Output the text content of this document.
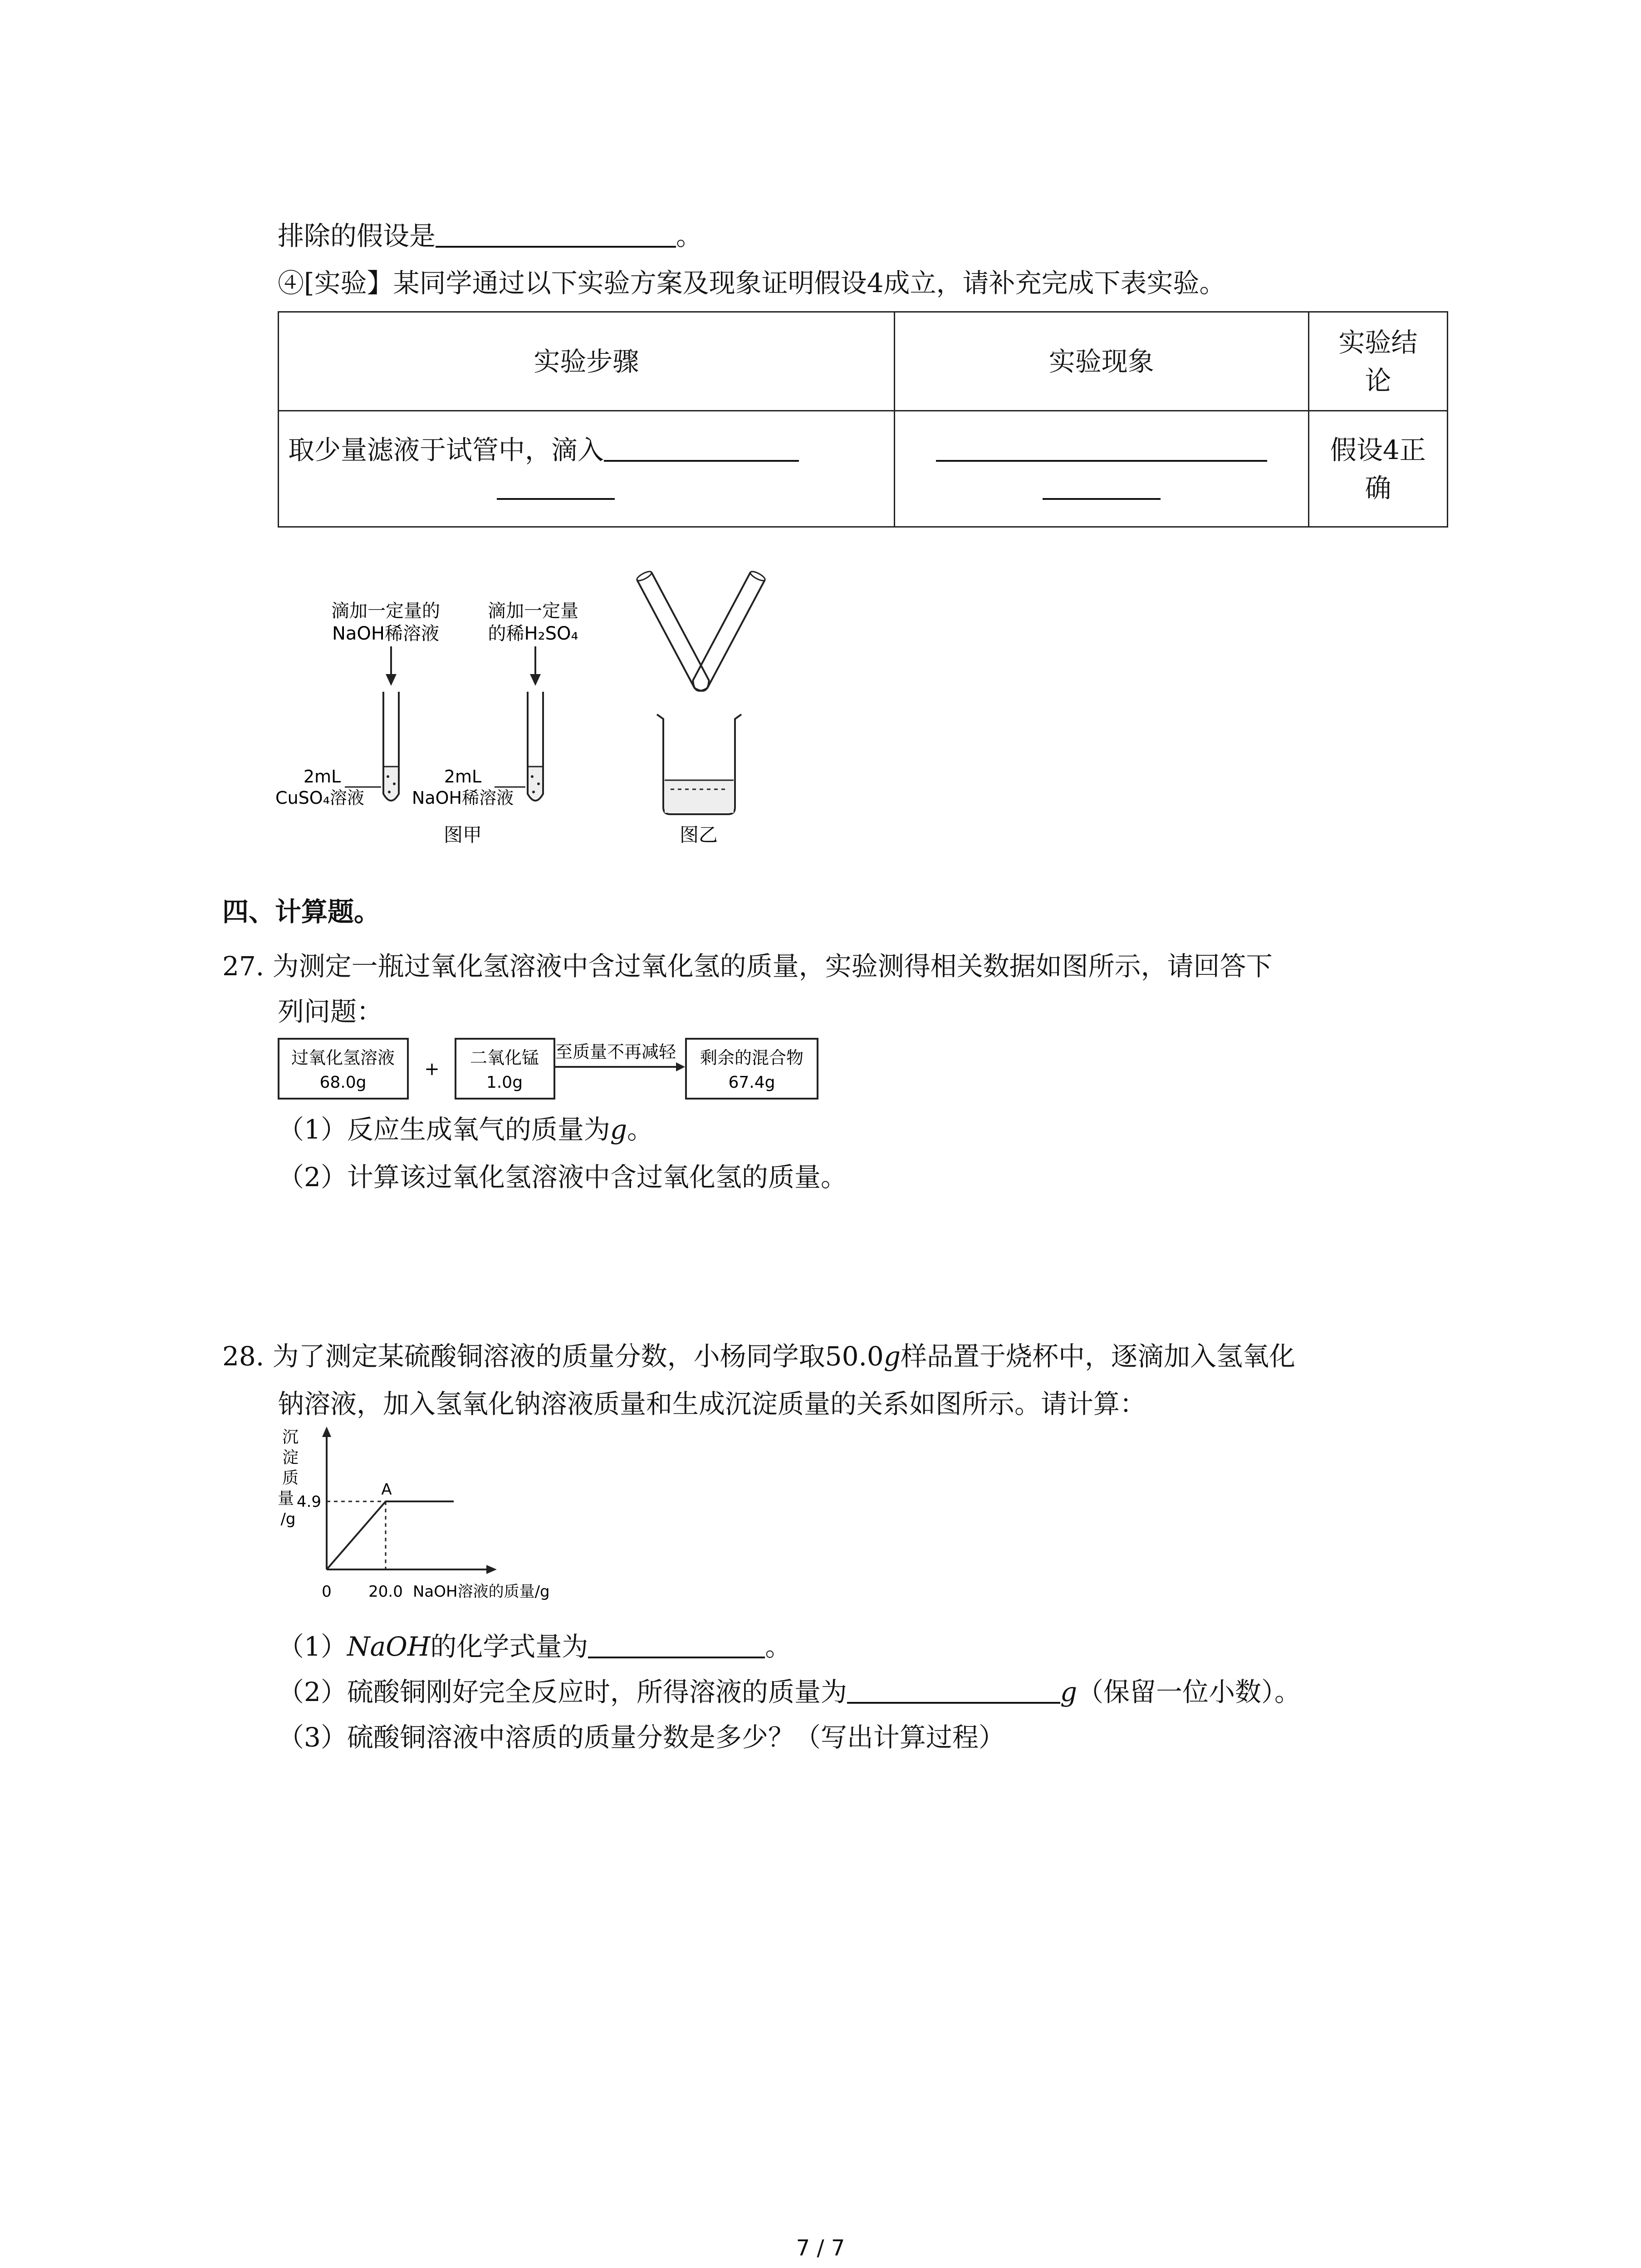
排除的假设是	。
④[实验】某同学通过以下实验方案及现象证明假设4成立，请补充完成下表实验。
实验步骤	实验现象	实验结
论

取少量滤液于试管中，滴入		假设4正
确
滴加一定量的
NaOH稀溶液
2mL
CuSO₄溶液
滴加一定量
的稀H₂SO₄
2mL
NaOH稀溶液
图甲	图乙
四、计算题。
27. 为测定一瓶过氧化氢溶液中含过氧化氢的质量，实验测得相关数据如图所示，请回答下
列问题：
过氧化氢溶液
68.0g
+
二氧化锰
1.0g
至质量不再减轻 剩余的混合物
67.4g
（1）反应生成氧气的质量为g。
（2）计算该过氧化氢溶液中含过氧化氢的质量。
28. 为了测定某硫酸铜溶液的质量分数，小杨同学取50.0g样品置于烧杯中，逐滴加入氢氧化
钠溶液，加入氢氧化钠溶液质量和生成沉淀质量的关系如图所示。请计算：
沉
淀
质
量
/g
4.9
A
0 20.0 NaOH溶液的质量/g
（1）NaOH的化学式量为	。
（2）硫酸铜刚好完全反应时，所得溶液的质量为	g（保留一位小数）。
（3）硫酸铜溶液中溶质的质量分数是多少？（写出计算过程）
7 / 7
